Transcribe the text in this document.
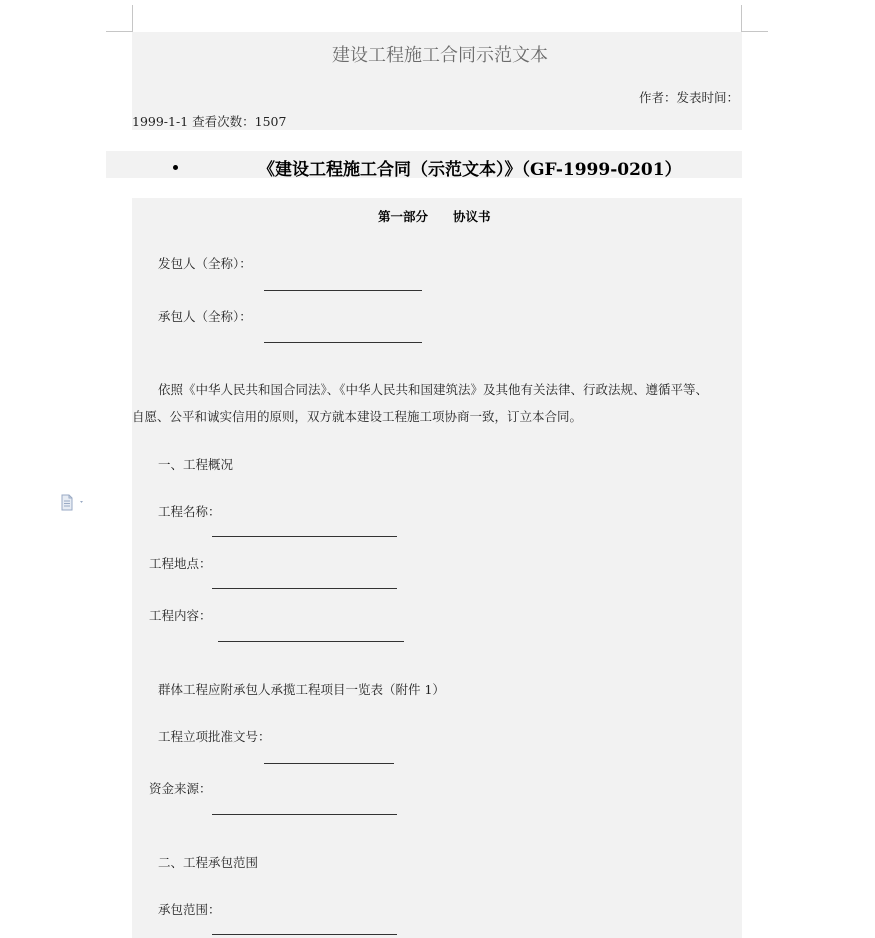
建设工程施工合同示范文本
作者：发表时间：
1999-1-1 查看次数：1507
《建设工程施工合同（示范文本）》（GF-1999-0201）
第一部分　　协议书
发包人（全称）：
承包人（全称）：
依照《中华人民共和国合同法》、《中华人民共和国建筑法》及其他有关法律、行政法规、遵循平等、
自愿、公平和诚实信用的原则，双方就本建设工程施工项协商一致，订立本合同。
一、工程概况
工程名称：
工程地点：
工程内容：
群体工程应附承包人承揽工程项目一览表（附件 1）
工程立项批准文号：
资金来源：
二、工程承包范围
承包范围：
